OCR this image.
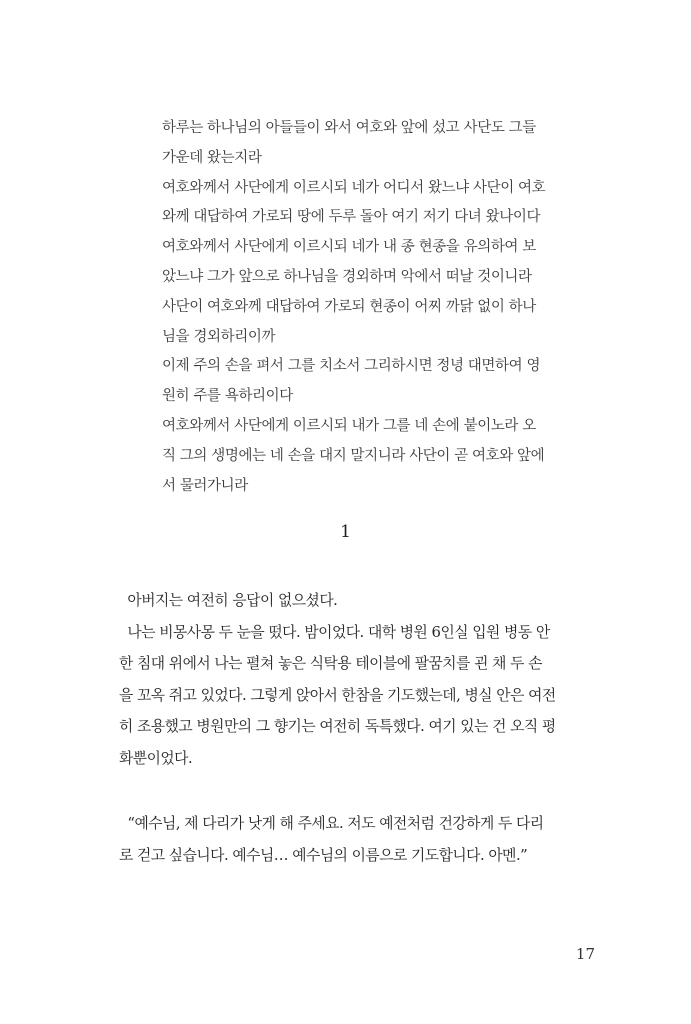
하루는 하나님의 아들들이 와서 여호와 앞에 섰고 사단도 그들
가운데 왔는지라
여호와께서 사단에게 이르시되 네가 어디서 왔느냐 사단이 여호
와께 대답하여 가로되 땅에 두루 돌아 여기 저기 다녀 왔나이다
여호와께서 사단에게 이르시되 네가 내 종 현종을 유의하여 보
았느냐 그가 앞으로 하나님을 경외하며 악에서 떠날 것이니라
사단이 여호와께 대답하여 가로되 현종이 어찌 까닭 없이 하나
님을 경외하리이까
이제 주의 손을 펴서 그를 치소서 그리하시면 정녕 대면하여 영
원히 주를 욕하리이다
여호와께서 사단에게 이르시되 내가 그를 네 손에 붙이노라 오
직 그의 생명에는 네 손을 대지 말지니라 사단이 곧 여호와 앞에
서 물러가니라
1
아버지는 여전히 응답이 없으셨다.
나는 비몽사몽 두 눈을 떴다. 밤이었다. 대학 병원 6인실 입원 병동 안
한 침대 위에서 나는 펼쳐 놓은 식탁용 테이블에 팔꿈치를 괸 채 두 손
을 꼬옥 쥐고 있었다. 그렇게 앉아서 한참을 기도했는데, 병실 안은 여전
히 조용했고 병원만의 그 향기는 여전히 독특했다. 여기 있는 건 오직 평
화뿐이었다.
“예수님, 제 다리가 낫게 해 주세요. 저도 예전처럼 건강하게 두 다리
로 걷고 싶습니다. 예수님… 예수님의 이름으로 기도합니다. 아멘.”
17
